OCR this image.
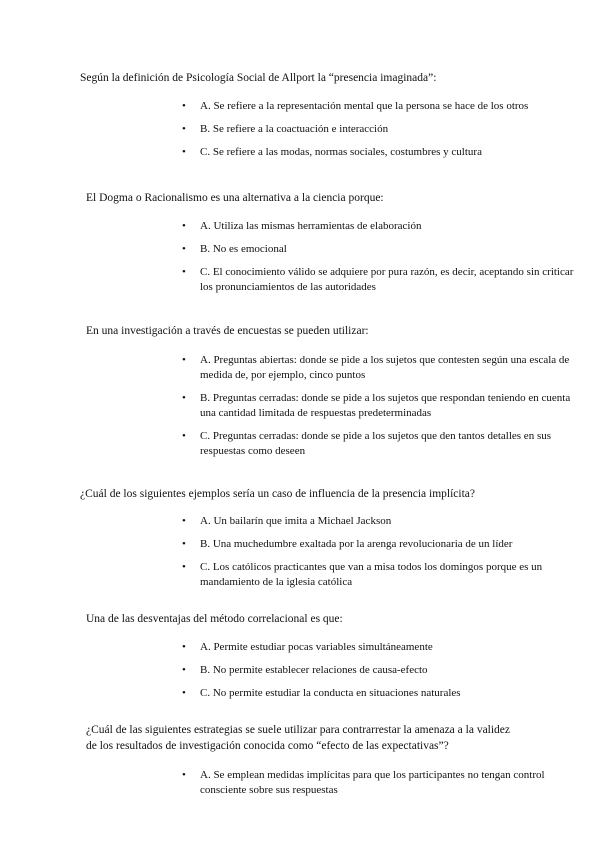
Según la definición de Psicología Social de Allport la “presencia imaginada”:

• A. Se refiere a la representación mental que la persona se hace de los otros
• B. Se refiere a la coactuación e interacción
• C. Se refiere a las modas, normas sociales, costumbres y cultura

El Dogma o Racionalismo es una alternativa a la ciencia porque:

• A. Utiliza las mismas herramientas de elaboración
• B. No es emocional
• C. El conocimiento válido se adquiere por pura razón, es decir, aceptando sin criticar los pronunciamientos de las autoridades

En una investigación a través de encuestas se pueden utilizar:

• A. Preguntas abiertas: donde se pide a los sujetos que contesten según una escala de medida de, por ejemplo, cinco puntos
• B. Preguntas cerradas: donde se pide a los sujetos que respondan teniendo en cuenta una cantidad limitada de respuestas predeterminadas
• C. Preguntas cerradas: donde se pide a los sujetos que den tantos detalles en sus respuestas como deseen

¿Cuál de los siguientes ejemplos sería un caso de influencia de la presencia implícita?

• A. Un bailarín que imita a Michael Jackson
• B. Una muchedumbre exaltada por la arenga revolucionaria de un líder
• C. Los católicos practicantes que van a misa todos los domingos porque es un mandamiento de la iglesia católica

Una de las desventajas del método correlacional es que:

• A. Permite estudiar pocas variables simultáneamente
• B. No permite establecer relaciones de causa-efecto
• C. No permite estudiar la conducta en situaciones naturales

¿Cuál de las siguientes estrategias se suele utilizar para contrarrestar la amenaza a la validez de los resultados de investigación conocida como “efecto de las expectativas”?

• A. Se emplean medidas implícitas para que los participantes no tengan control consciente sobre sus respuestas
